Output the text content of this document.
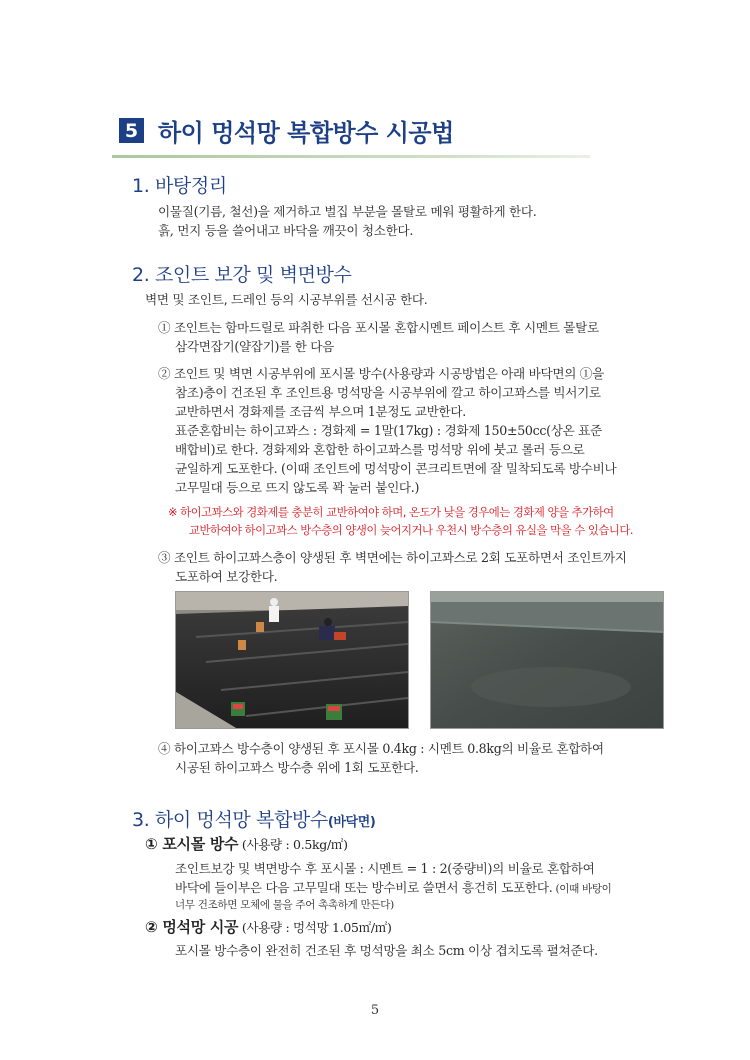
5 하이 멍석망 복합방수 시공법
1. 바탕정리
이물질(기름, 철선)을 제거하고 벌집 부분을 몰탈로 메워 평활하게 한다.
흙, 먼지 등을 쓸어내고 바닥을 깨끗이 청소한다.
2. 조인트 보강 및 벽면방수
벽면 및 조인트, 드레인 등의 시공부위를 선시공 한다.
① 조인트는 함마드릴로 파취한 다음 포시몰 혼합시멘트 페이스트 후 시멘트 몰탈로
삼각면잡기(얄잡기)를 한 다음
② 조인트 및 벽면 시공부위에 포시몰 방수(사용량과 시공방법은 아래 바닥면의 ①을
참조)층이 건조된 후 조인트용 멍석망을 시공부위에 깔고 하이고꽈스를 빅서기로
교반하면서 경화제를 조금씩 부으며 1분정도 교반한다.
표준혼합비는 하이고꽈스 : 경화제 = 1말(17kg) : 경화제 150±50cc(상온 표준
배합비)로 한다. 경화제와 혼합한 하이고꽈스를 멍석망 위에 붓고 롤러 등으로
균일하게 도포한다. (이때 조인트에 멍석망이 콘크리트면에 잘 밀착되도록 방수비나
고무밀대 등으로 뜨지 않도록 꽉 눌러 붙인다.)
※ 하이고꽈스와 경화제를 충분히 교반하여야 하며, 온도가 낮을 경우에는 경화제 양을 추가하여
교반하여야 하이고꽈스 방수층의 양생이 늦어지거나 우천시 방수층의 유실을 막을 수 있습니다.
③ 조인트 하이고꽈스층이 양생된 후 벽면에는 하이고꽈스로 2회 도포하면서 조인트까지
도포하여 보강한다.
④ 하이고꽈스 방수층이 양생된 후 포시몰 0.4kg : 시멘트 0.8kg의 비율로 혼합하여
시공된 하이고꽈스 방수층 위에 1회 도포한다.
3. 하이 멍석망 복합방수(바닥면)
① 포시몰 방수 (사용량 : 0.5kg/㎡)
조인트보강 및 벽면방수 후 포시몰 : 시멘트 = 1 : 2(중량비)의 비율로 혼합하여
바닥에 들이부은 다음 고무밀대 또는 방수비로 쓸면서 흥건히 도포한다. (이때 바탕이
너무 건조하면 모체에 물을 주어 촉촉하게 만든다)
② 멍석망 시공 (사용량 : 멍석망 1.05㎡/㎡)
포시몰 방수층이 완전히 건조된 후 멍석망을 최소 5cm 이상 겹치도록 펼쳐준다.
5
